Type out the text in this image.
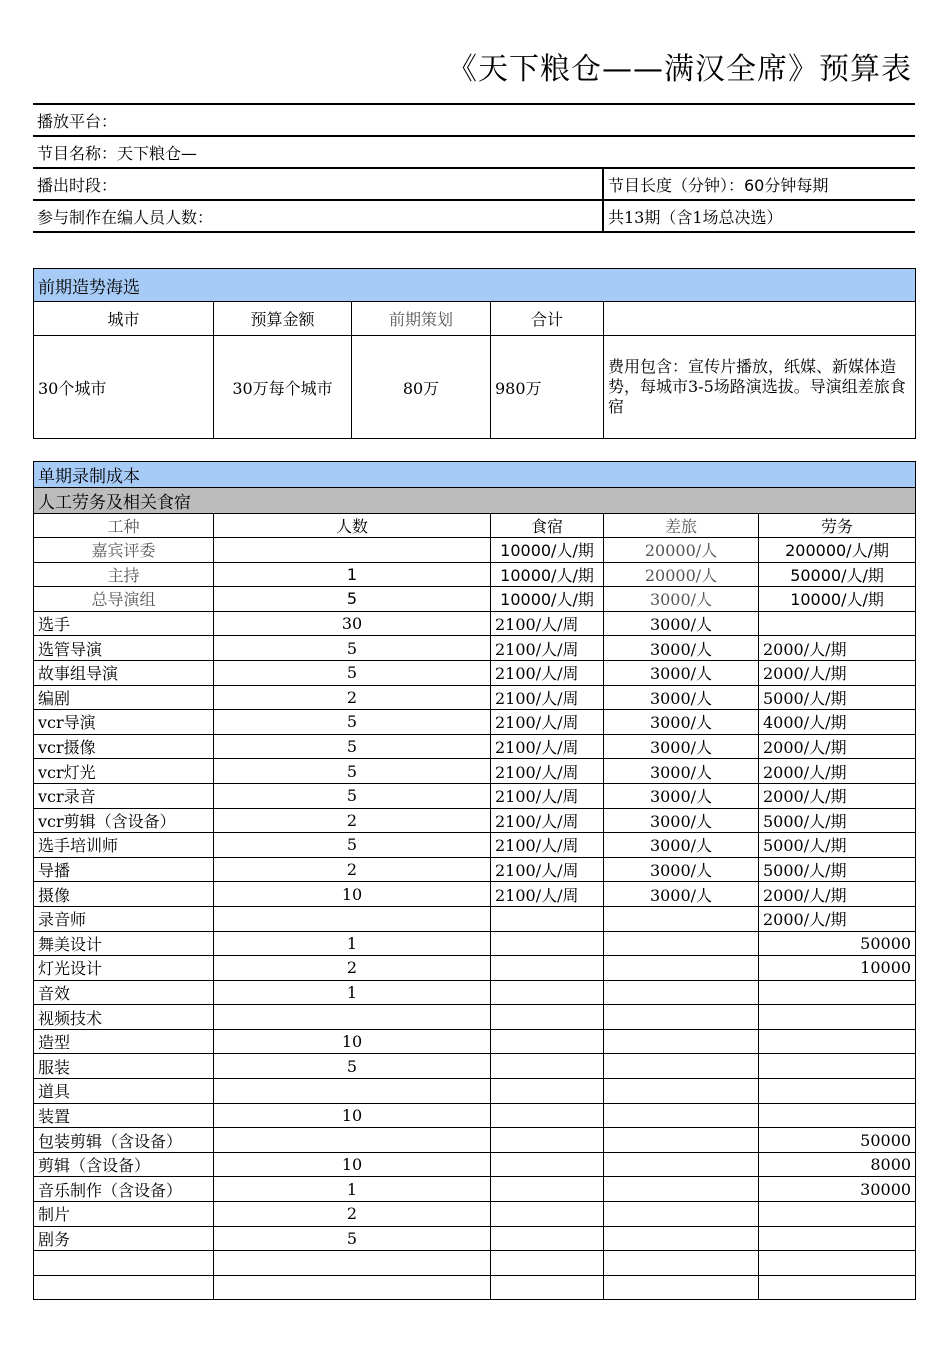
《天下粮仓——满汉全席》预算表
播放平台：	
节目名称：天下粮仓—	
播出时段：	节目长度（分钟）：60分钟每期
参与制作在编人员人数：	共13期（含1场总决选）
前期造势海选				
城市	预算金额	前期策划	合计	
30个城市	30万每个城市	80万	980万	费用包含：宣传片播放，纸媒、新媒体造势，每城市3-5场路演选拔。导演组差旅食宿
单期录制成本				
人工劳务及相关食宿				
工种	人数	食宿	差旅	劳务
嘉宾评委		10000/人/期	20000/人	200000/人/期
主持	1	10000/人/期	20000/人	50000/人/期
总导演组	5	10000/人/期	3000/人	10000/人/期
选手	30	2100/人/周	3000/人	
选管导演	5	2100/人/周	3000/人	2000/人/期
故事组导演	5	2100/人/周	3000/人	2000/人/期
编剧	2	2100/人/周	3000/人	5000/人/期
vcr导演	5	2100/人/周	3000/人	4000/人/期
vcr摄像	5	2100/人/周	3000/人	2000/人/期
vcr灯光	5	2100/人/周	3000/人	2000/人/期
vcr录音	5	2100/人/周	3000/人	2000/人/期
vcr剪辑（含设备）	2	2100/人/周	3000/人	5000/人/期
选手培训师	5	2100/人/周	3000/人	5000/人/期
导播	2	2100/人/周	3000/人	5000/人/期
摄像	10	2100/人/周	3000/人	2000/人/期
录音师				2000/人/期
舞美设计	1			50000
灯光设计	2			10000
音效	1			
视频技术				
造型	10			
服装	5			
道具				
装置	10			
包装剪辑（含设备）				50000
剪辑（含设备）	10			8000
音乐制作（含设备）	1			30000
制片	2			
剧务	5			
